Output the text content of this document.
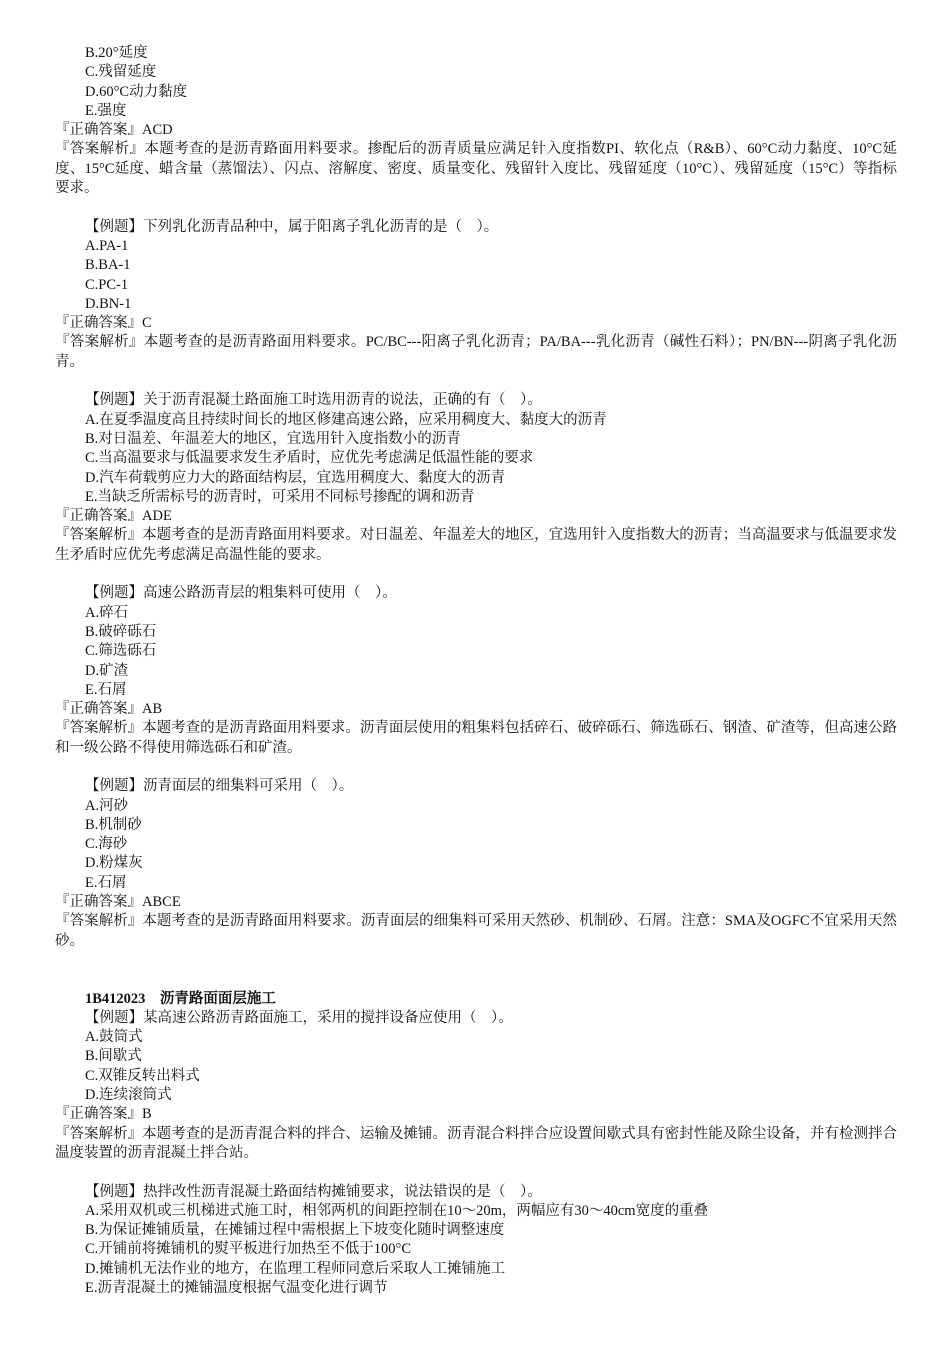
B.20°延度
C.残留延度
D.60°C动力黏度
E.强度
『正确答案』ACD
『答案解析』本题考查的是沥青路面用料要求。掺配后的沥青质量应满足针入度指数PI、软化点（R&B）、60°C动力黏度、10°C延度、15°C延度、蜡含量（蒸馏法）、闪点、溶解度、密度、质量变化、残留针入度比、残留延度（10°C）、残留延度（15°C）等指标要求。
【例题】下列乳化沥青品种中，属于阳离子乳化沥青的是（　）。
A.PA-1
B.BA-1
C.PC-1
D.BN-1
『正确答案』C
『答案解析』本题考查的是沥青路面用料要求。PC/BC---阳离子乳化沥青；PA/BA---乳化沥青（碱性石料）；PN/BN---阴离子乳化沥青。
【例题】关于沥青混凝土路面施工时选用沥青的说法，正确的有（　）。
A.在夏季温度高且持续时间长的地区修建高速公路，应采用稠度大、黏度大的沥青
B.对日温差、年温差大的地区，宜选用针入度指数小的沥青
C.当高温要求与低温要求发生矛盾时，应优先考虑满足低温性能的要求
D.汽车荷载剪应力大的路面结构层，宜选用稠度大、黏度大的沥青
E.当缺乏所需标号的沥青时，可采用不同标号掺配的调和沥青
『正确答案』ADE
『答案解析』本题考查的是沥青路面用料要求。对日温差、年温差大的地区，宜选用针入度指数大的沥青；当高温要求与低温要求发生矛盾时应优先考虑满足高温性能的要求。
【例题】高速公路沥青层的粗集料可使用（　）。
A.碎石
B.破碎砾石
C.筛选砾石
D.矿渣
E.石屑
『正确答案』AB
『答案解析』本题考查的是沥青路面用料要求。沥青面层使用的粗集料包括碎石、破碎砾石、筛选砾石、钢渣、矿渣等，但高速公路和一级公路不得使用筛选砾石和矿渣。
【例题】沥青面层的细集料可采用（　）。
A.河砂
B.机制砂
C.海砂
D.粉煤灰
E.石屑
『正确答案』ABCE
『答案解析』本题考查的是沥青路面用料要求。沥青面层的细集料可采用天然砂、机制砂、石屑。注意：SMA及OGFC不宜采用天然砂。
1B412023　沥青路面面层施工
【例题】某高速公路沥青路面施工，采用的搅拌设备应使用（　）。
A.鼓筒式
B.间歇式
C.双锥反转出料式
D.连续滚筒式
『正确答案』B
『答案解析』本题考查的是沥青混合料的拌合、运输及摊铺。沥青混合料拌合应设置间歇式具有密封性能及除尘设备，并有检测拌合温度装置的沥青混凝土拌合站。
【例题】热拌改性沥青混凝土路面结构摊铺要求，说法错误的是（　）。
A.采用双机或三机梯进式施工时，相邻两机的间距控制在10～20m，两幅应有30～40cm宽度的重叠
B.为保证摊铺质量，在摊铺过程中需根据上下坡变化随时调整速度
C.开铺前将摊铺机的熨平板进行加热至不低于100°C
D.摊铺机无法作业的地方，在监理工程师同意后采取人工摊铺施工
E.沥青混凝土的摊铺温度根据气温变化进行调节
